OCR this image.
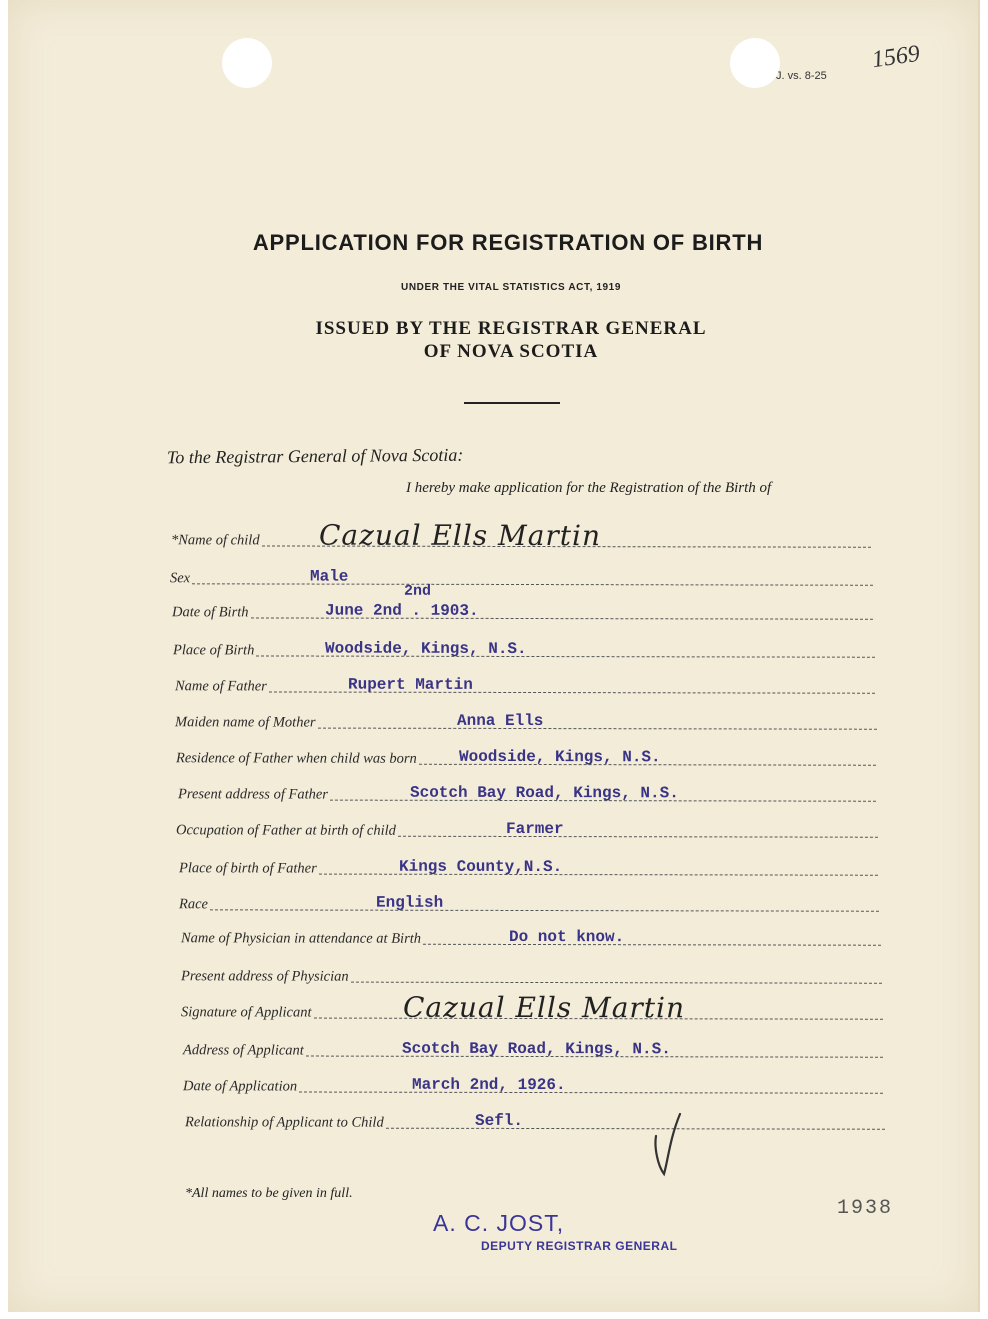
J. vs. 8-25
1569
APPLICATION FOR REGISTRATION OF BIRTH
UNDER THE VITAL STATISTICS ACT, 1919
ISSUED BY THE REGISTRAR GENERAL
OF NOVA SCOTIA
To the Registrar General of Nova Scotia:
I hereby make application for the Registration of the Birth of
*Name of child Cazual Ells Martin
Sex	Male
Date of Birth	June 2nd . 1903.
2nd
Place of Birth	Woodside, Kings, N.S.
Name of Father	Rupert Martin
Maiden name of Mother	Anna Ells
Residence of Father when child was born	Woodside, Kings, N.S.
Present address of Father	Scotch Bay Road, Kings, N.S.
Occupation of Father at birth of child	Farmer
Place of birth of Father	Kings County,N.S.
Race	English
Name of Physician in attendance at Birth	Do not know.
Present address of Physician
Signature of Applicant	Cazual Ells Martin
Address of Applicant	Scotch Bay Road, Kings, N.S.
Date of Application	March 2nd, 1926.
Relationship of Applicant to Child	Sefl.
*All names to be given in full.
A. C. JOST,
DEPUTY REGISTRAR GENERAL
1938
